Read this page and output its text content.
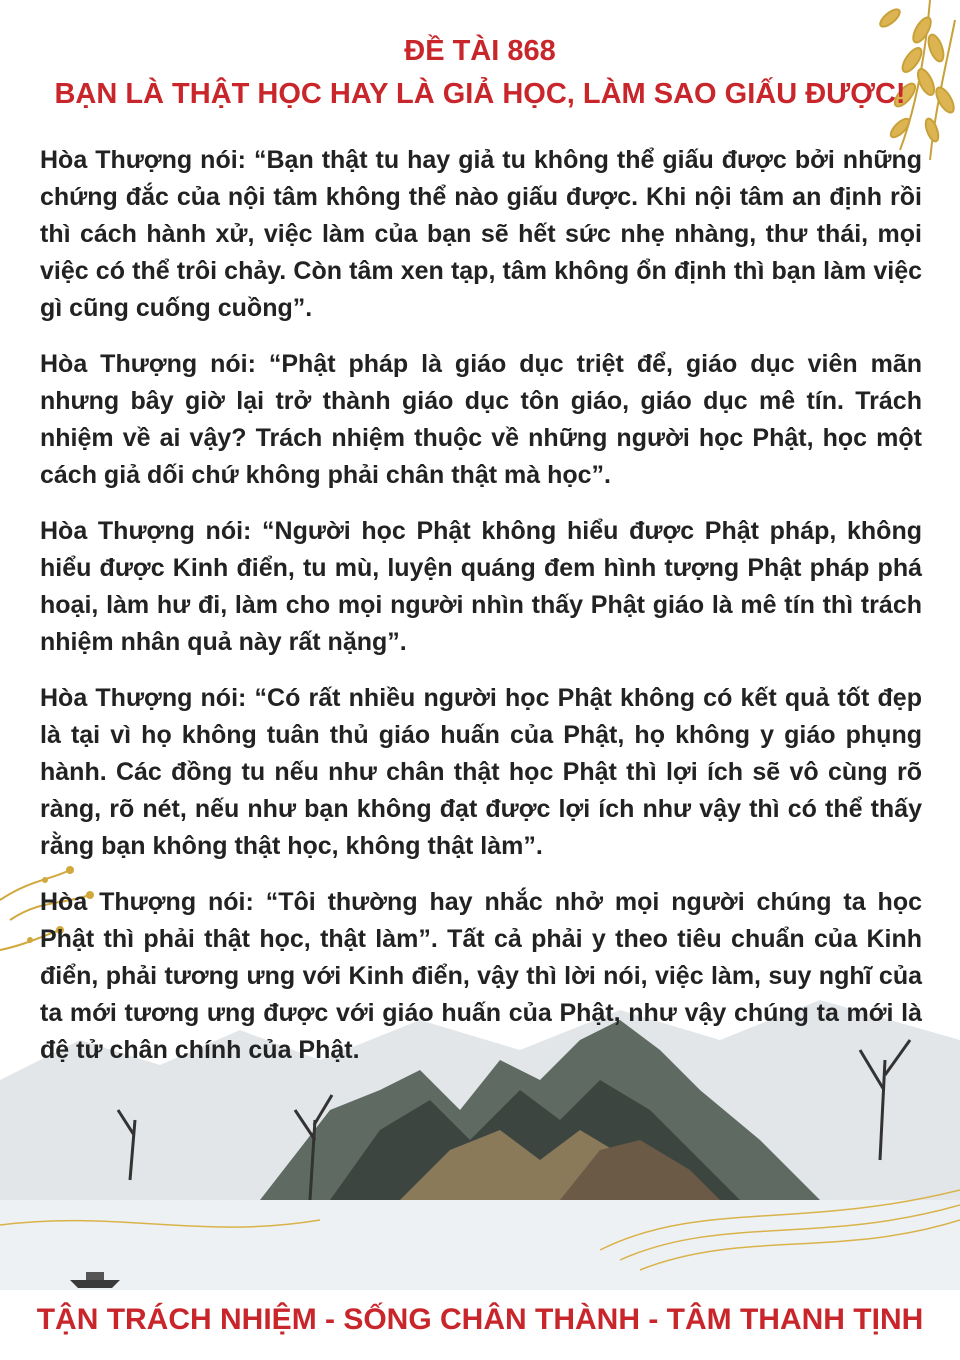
ĐỀ TÀI 868
BẠN LÀ THẬT HỌC HAY LÀ GIẢ HỌC, LÀM SAO GIẤU ĐƯỢC!

Hòa Thượng nói: “Bạn thật tu hay giả tu không thể giấu được bởi những chứng đắc của nội tâm không thể nào giấu được. Khi nội tâm an định rồi thì cách hành xử, việc làm của bạn sẽ hết sức nhẹ nhàng, thư thái, mọi việc có thể trôi chảy. Còn tâm xen tạp, tâm không ổn định thì bạn làm việc gì cũng cuống cuồng”.

Hòa Thượng nói: “Phật pháp là giáo dục triệt để, giáo dục viên mãn nhưng bây giờ lại trở thành giáo dục tôn giáo, giáo dục mê tín. Trách nhiệm về ai vậy? Trách nhiệm thuộc về những người học Phật, học một cách giả dối chứ không phải chân thật mà học”.

Hòa Thượng nói: “Người học Phật không hiểu được Phật pháp, không hiểu được Kinh điển, tu mù, luyện quáng đem hình tượng Phật pháp phá hoại, làm hư đi, làm cho mọi người nhìn thấy Phật giáo là mê tín thì trách nhiệm nhân quả này rất nặng”.

Hòa Thượng nói: “Có rất nhiều người học Phật không có kết quả tốt đẹp là tại vì họ không tuân thủ giáo huấn của Phật, họ không y giáo phụng hành. Các đồng tu nếu như chân thật học Phật thì lợi ích sẽ vô cùng rõ ràng, rõ nét, nếu như bạn không đạt được lợi ích như vậy thì có thể thấy rằng bạn không thật học, không thật làm”.

Hòa Thượng nói: “Tôi thường hay nhắc nhở mọi người chúng ta học Phật thì phải thật học, thật làm”. Tất cả phải y theo tiêu chuẩn của Kinh điển, phải tương ưng với Kinh điển, vậy thì lời nói, việc làm, suy nghĩ của ta mới tương ưng được với giáo huấn của Phật, như vậy chúng ta mới là đệ tử chân chính của Phật.

TẬN TRÁCH NHIỆM - SỐNG CHÂN THÀNH - TÂM THANH TỊNH
